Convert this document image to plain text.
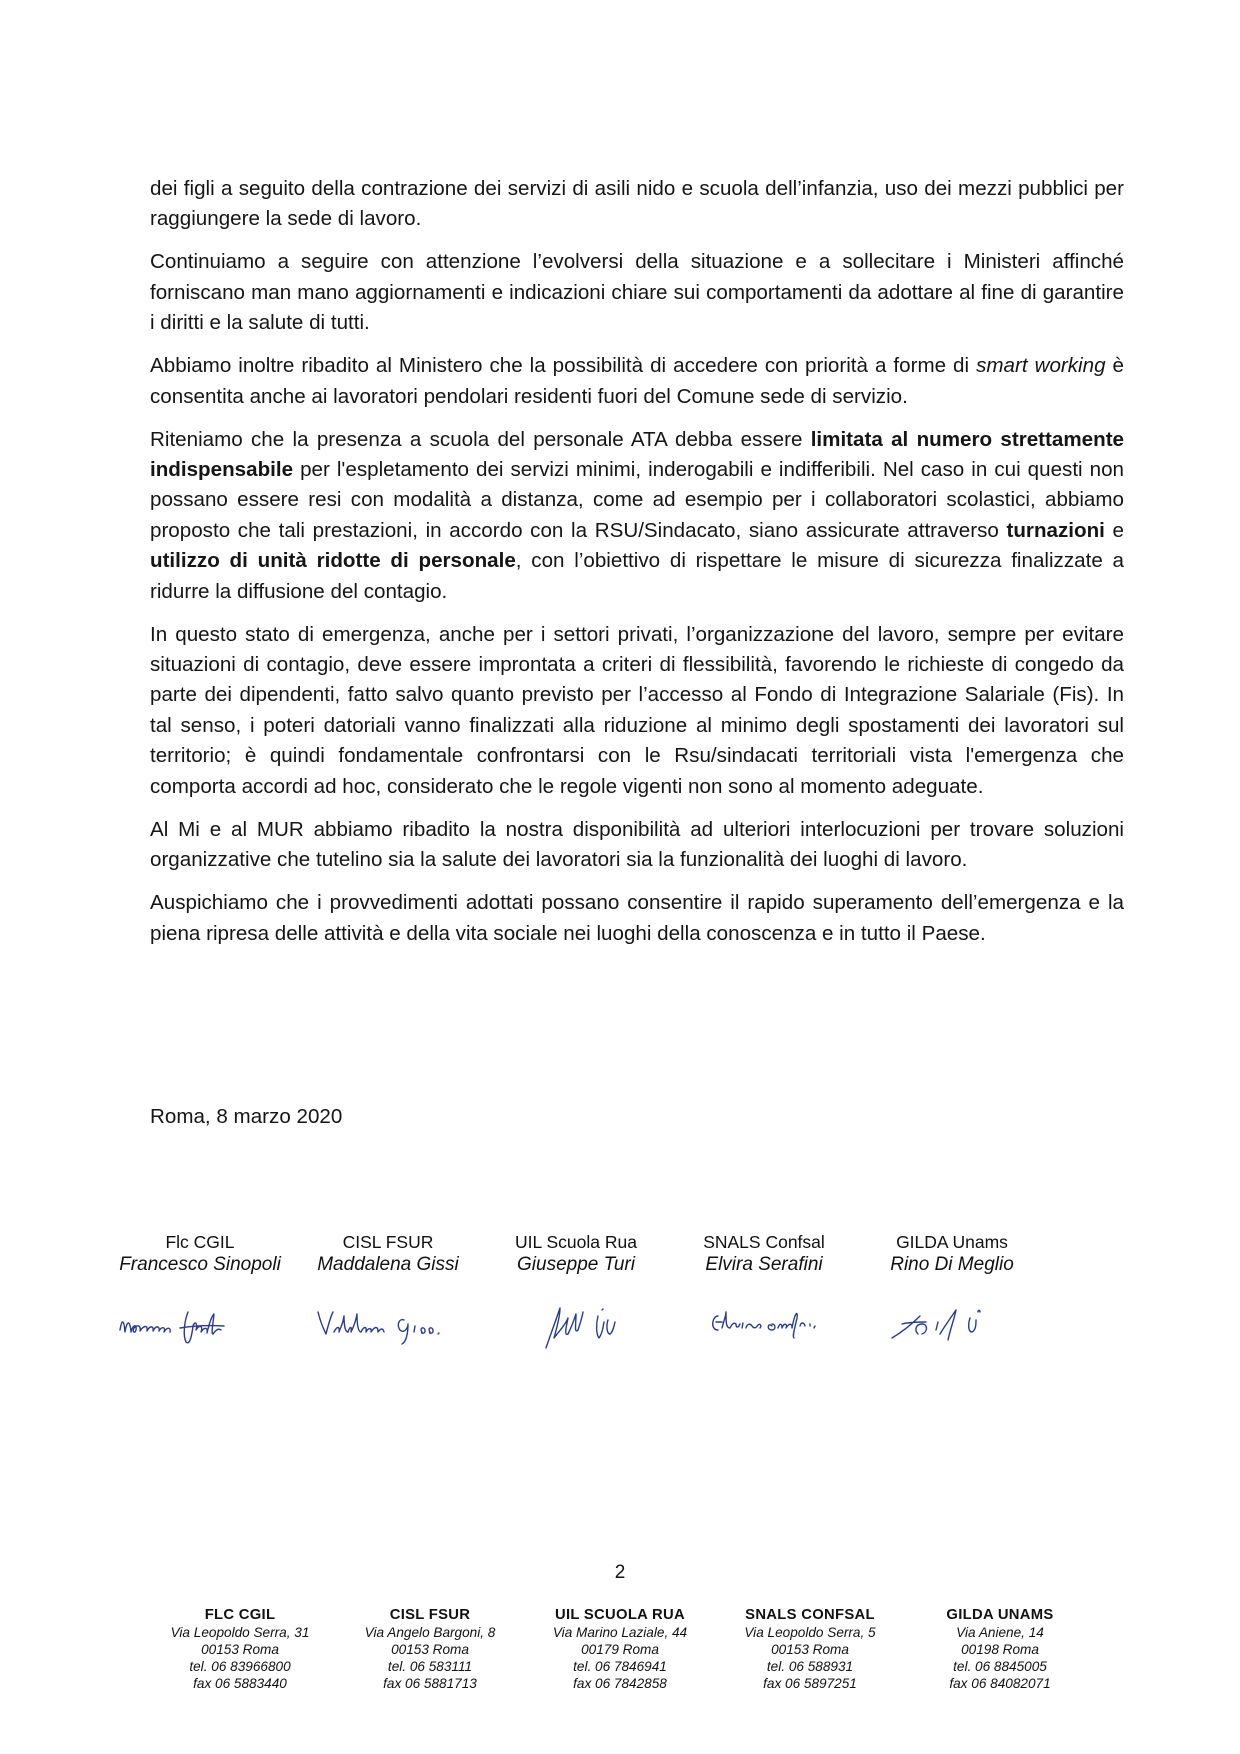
dei figli a seguito della contrazione dei servizi di asili nido e scuola dell’infanzia, uso dei mezzi pubblici per raggiungere la sede di lavoro.

Continuiamo a seguire con attenzione l’evolversi della situazione e a sollecitare i Ministeri affinché forniscano man mano aggiornamenti e indicazioni chiare sui comportamenti da adottare al fine di garantire i diritti e la salute di tutti.

Abbiamo inoltre ribadito al Ministero che la possibilità di accedere con priorità a forme di smart working è consentita anche ai lavoratori pendolari residenti fuori del Comune sede di servizio.

Riteniamo che la presenza a scuola del personale ATA debba essere limitata al numero strettamente indispensabile per l'espletamento dei servizi minimi, inderogabili e indifferibili. Nel caso in cui questi non possano essere resi con modalità a distanza, come ad esempio per i collaboratori scolastici, abbiamo proposto che tali prestazioni, in accordo con la RSU/Sindacato, siano assicurate attraverso turnazioni e utilizzo di unità ridotte di personale, con l’obiettivo di rispettare le misure di sicurezza finalizzate a ridurre la diffusione del contagio.

In questo stato di emergenza, anche per i settori privati, l’organizzazione del lavoro, sempre per evitare situazioni di contagio, deve essere improntata a criteri di flessibilità, favorendo le richieste di congedo da parte dei dipendenti, fatto salvo quanto previsto per l’accesso al Fondo di Integrazione Salariale (Fis). In tal senso, i poteri datoriali vanno finalizzati alla riduzione al minimo degli spostamenti dei lavoratori sul territorio; è quindi fondamentale confrontarsi con le Rsu/sindacati territoriali vista l'emergenza che comporta accordi ad hoc, considerato che le regole vigenti non sono al momento adeguate.

Al Mi e al MUR abbiamo ribadito la nostra disponibilità ad ulteriori interlocuzioni per trovare soluzioni organizzative che tutelino sia la salute dei lavoratori sia la funzionalità dei luoghi di lavoro.

Auspichiamo che i provvedimenti adottati possano consentire il rapido superamento dell’emergenza e la piena ripresa delle attività e della vita sociale nei luoghi della conoscenza e in tutto il Paese.

Roma, 8 marzo 2020
Flc CGIL
Francesco Sinopoli
CISL FSUR
Maddalena Gissi
UIL Scuola Rua
Giuseppe Turi
SNALS Confsal
Elvira Serafini
GILDA Unams
Rino Di Meglio
2
FLC CGIL
Via Leopoldo Serra, 31
00153 Roma
tel. 06 83966800
fax 06 5883440
CISL FSUR
Via Angelo Bargoni, 8
00153 Roma
tel. 06 583111
fax 06 5881713
UIL SCUOLA RUA
Via Marino Laziale, 44
00179 Roma
tel. 06 7846941
fax 06 7842858
SNALS CONFSAL
Via Leopoldo Serra, 5
00153 Roma
tel. 06 588931
fax 06 5897251
GILDA UNAMS
Via Aniene, 14
00198 Roma
tel. 06 8845005
fax 06 84082071
